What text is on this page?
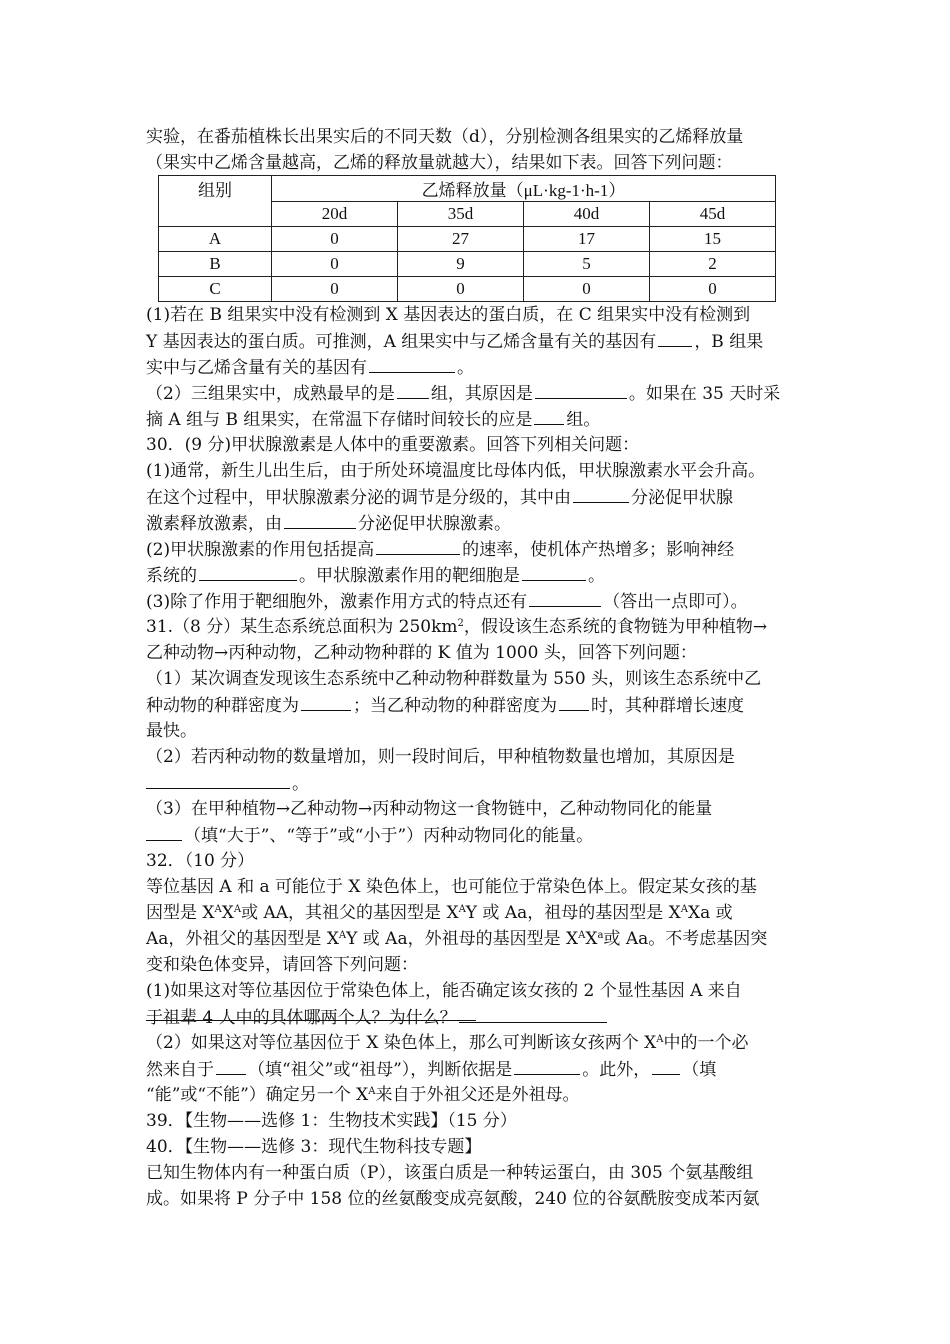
实验，在番茄植株长出果实后的不同天数（d），分别检测各组果实的乙烯释放量
（果实中乙烯含量越高，乙烯的释放量就越大），结果如下表。回答下列问题：
组别	乙烯释放量（μL·kg-1·h-1）			
	20d	35d	40d	45d
A	0	27	17	15
B	0	9	5	2
C	0	0	0	0
(1)若在 B 组果实中没有检测到 X 基因表达的蛋白质，在 C 组果实中没有检测到
Y 基因表达的蛋白质。可推测，A 组果实中与乙烯含量有关的基因有 ，B 组果
实中与乙烯含量有关的基因有	。
（2）三组果实中，成熟最早的是 组，其原因是	。如果在 35 天时采
摘 A 组与 B 组果实，在常温下存储时间较长的应是 组。
30．(9 分)甲状腺激素是人体中的重要激素。回答下列相关问题：
(1)通常，新生儿出生后，由于所处环境温度比母体内低，甲状腺激素水平会升高。
在这个过程中，甲状腺激素分泌的调节是分级的，其中由	分泌促甲状腺
激素释放激素，由	分泌促甲状腺激素。
(2)甲状腺激素的作用包括提高	的速率，使机体产热增多；影响神经
系统的	。甲状腺激素作用的靶细胞是	。
(3)除了作用于靶细胞外，激素作用方式的特点还有	（答出一点即可）。
31.（8 分）某生态系统总面积为 $250km^2$，假设该生态系统的食物链为甲种植物→
乙种动物→丙种动物，乙种动物种群的 K 值为 1000 头，回答下列问题：
（1）某次调查发现该生态系统中乙种动物种群数量为 550 头，则该生态系统中乙
种动物的种群密度为	；当乙种动物的种群密度为 时，其种群增长速度
最快。
（2）若丙种动物的数量增加，则一段时间后，甲种植物数量也增加，其原因是
。
（3）在甲种植物→乙种动物→丙种动物这一食物链中，乙种动物同化的能量
（填“大于”、“等于”或“小于”）丙种动物同化的能量。
32．（10 分）
等位基因 A 和 a 可能位于 X 染色体上，也可能位于常染色体上。假定某女孩的基
因型是 $X^AX^A$或 AA，其祖父的基因型是 $X^AY$ 或 Aa，祖母的基因型是 $X^AXa$ 或
Aa，外祖父的基因型是 $X^AY$ 或 Aa，外祖母的基因型是 $X^AX^a$或 Aa。不考虑基因突
变和染色体变异，请回答下列问题：
(1)如果这对等位基因位于常染色体上，能否确定该女孩的 2 个显性基因 A 来自
于祖辈 4 人中的具体哪两个人？为什么？
（2）如果这对等位基因位于 X 染色体上，那么可判断该女孩两个 $X^A$中的一个必
然来自于 （填“祖父”或“祖母”），判断依据是	。此外， （填
“能”或“不能”）确定另一个 $X^A$来自于外祖父还是外祖母。
39．【生物——选修 1：生物技术实践】（15 分）
40．【生物——选修 3：现代生物科技专题】
已知生物体内有一种蛋白质（P），该蛋白质是一种转运蛋白，由 305 个氨基酸组
成。如果将 P 分子中 158 位的丝氨酸变成亮氨酸，240 位的谷氨酰胺变成苯丙氨
